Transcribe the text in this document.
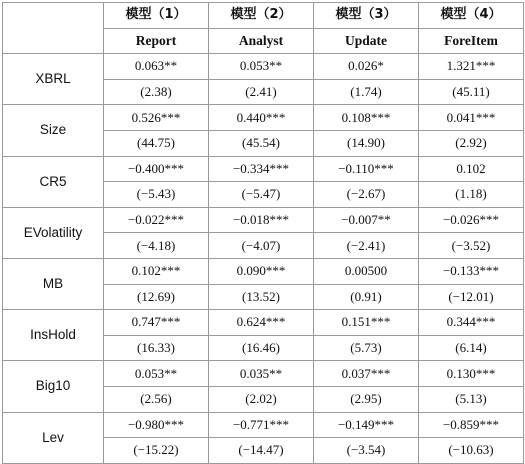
	模型（1）	模型（2）	模型（3）	模型（4）
	Report	Analyst	Update	ForeItem
XBRL	0.063**	0.053**	0.026*	1.321***
	(2.38)	(2.41)	(1.74)	(45.11)
Size	0.526***	0.440***	0.108***	0.041***
	(44.75)	(45.54)	(14.90)	(2.92)
CR5	−0.400***	−0.334***	−0.110***	0.102
	(−5.43)	(−5.47)	(−2.67)	(1.18)
EVolatility	−0.022***	−0.018***	−0.007**	−0.026***
	(−4.18)	(−4.07)	(−2.41)	(−3.52)
MB	0.102***	0.090***	0.00500	−0.133***
	(12.69)	(13.52)	(0.91)	(−12.01)
InsHold	0.747***	0.624***	0.151***	0.344***
	(16.33)	(16.46)	(5.73)	(6.14)
Big10	0.053**	0.035**	0.037***	0.130***
	(2.56)	(2.02)	(2.95)	(5.13)
Lev	−0.980***	−0.771***	−0.149***	−0.859***
	(−15.22)	(−14.47)	(−3.54)	(−10.63)
